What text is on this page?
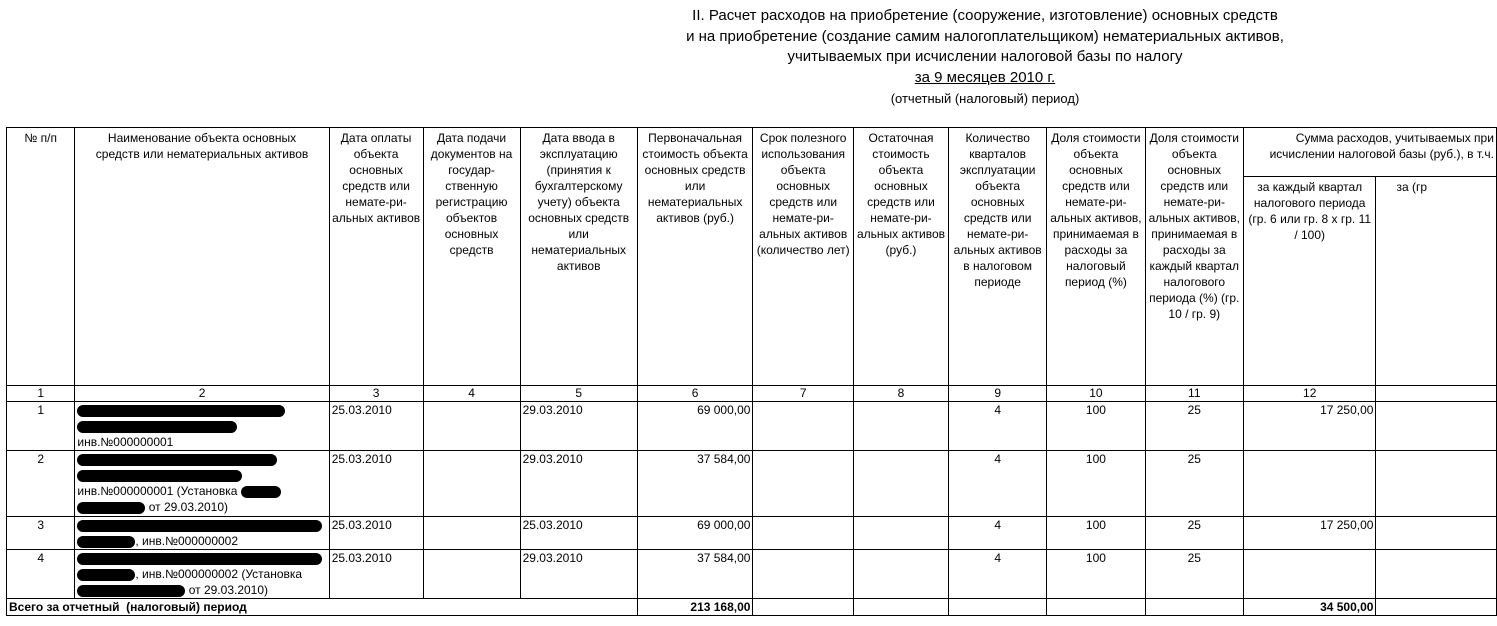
II. Расчет расходов на приобретение (сооружение, изготовление) основных средств
и на приобретение (создание самим налогоплательщиком) нематериальных активов,
учитываемых при исчислении налоговой базы по налогу
за 9 месяцев 2010 г.
(отчетный (налоговый) период)
№ п/п	Наименование объекта основных средств или нематериальных активов	Дата оплаты объекта основных средств или немате-ри-альных активов	Дата подачи документов на государ-ственную регистрацию объектов основных средств	Дата ввода в эксплуатацию (принятия к бухгалтерскому учету) объекта основных средств или нематериальных активов	Первоначальная стоимость объекта основных средств или нематериальных активов (руб.)	Срок полезного использования объекта основных средств или немате-ри-альных активов (количество лет)	Остаточная стоимость объекта основных средств или немате-ри-альных активов (руб.)	Количество кварталов эксплуатации объекта основных средств или немате-ри-альных активов в налоговом периоде	Доля стоимости объекта основных средств или немате-ри-альных активов, принимаемая в расходы за налоговый период (%)	Доля стоимости объекта основных средств или немате-ри-альных активов, принимаемая в расходы за каждый квартал налогового периода (%) (гр. 10 / гр. 9)	Сумма расходов, учитываемых при исчислении налоговой базы (руб.), в т.ч.	

											за каждый квартал налогового периода (гр. 6 или гр. 8 х гр. 11 / 100)	за (гр
1	2	3	4	5	6	7	8	9	10	11	12	
1	инв.№000000001	25.03.2010		29.03.2010	69 000,00			4	100	25	17 250,00	
2	инв.№000000001 (Установка
от 29.03.2010)	25.03.2010		29.03.2010	37 584,00			4	100	25		
3	, инв.№000000002	25.03.2010		25.03.2010	69 000,00			4	100	25	17 250,00	
4	, инв.№000000002 (Установка
от 29.03.2010)	25.03.2010		29.03.2010	37 584,00			4	100	25		
Всего за отчетный  (налоговый) период					213 168,00						34 500,00	
